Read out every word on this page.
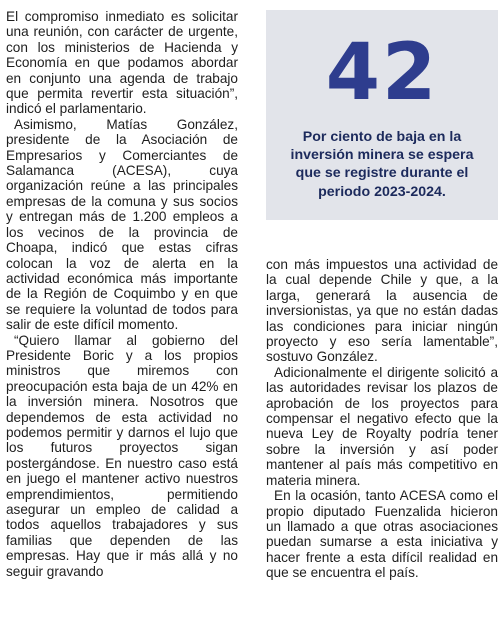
El compromiso inmediato es solicitar una reunión, con carácter de urgente, con los ministerios de Hacienda y Economía en que podamos abordar en conjunto una agenda de trabajo que permita revertir esta situación”, indicó el parlamentario.

Asimismo, Matías González, presidente de la Asociación de Empresarios y Comerciantes de Salamanca (ACESA), cuya organización reúne a las principales empresas de la comuna y sus socios y entregan más de 1.200 empleos a los vecinos de la provincia de Choapa, indicó que estas cifras colocan la voz de alerta en la actividad económica más importante de la Región de Coquimbo y en que se requiere la voluntad de todos para salir de este difícil momento.

“Quiero llamar al gobierno del Presidente Boric y a los propios ministros que miremos con preocupación esta baja de un 42% en la inversión minera. Nosotros que dependemos de esta actividad no podemos permitir y darnos el lujo que los futuros proyectos sigan postergándose. En nuestro caso está en juego el mantener activo nuestros emprendimientos, permitiendo asegurar un empleo de calidad a todos aquellos trabajadores y sus familias que dependen de las empresas. Hay que ir más allá y no seguir gravando

42
Por ciento de baja en la inversión minera se espera que se registre durante el periodo 2023-2024.

con más impuestos una actividad de la cual depende Chile y que, a la larga, generará la ausencia de inversionistas, ya que no están dadas las condiciones para iniciar ningún proyecto y eso sería lamentable”, sostuvo González.

Adicionalmente el dirigente solicitó a las autoridades revisar los plazos de aprobación de los proyectos para compensar el negativo efecto que la nueva Ley de Royalty podría tener sobre la inversión y así poder mantener al país más competitivo en materia minera.

En la ocasión, tanto ACESA como el propio diputado Fuenzalida hicieron un llamado a que otras asociaciones puedan sumarse a esta iniciativa y hacer frente a esta difícil realidad en que se encuentra el país.
